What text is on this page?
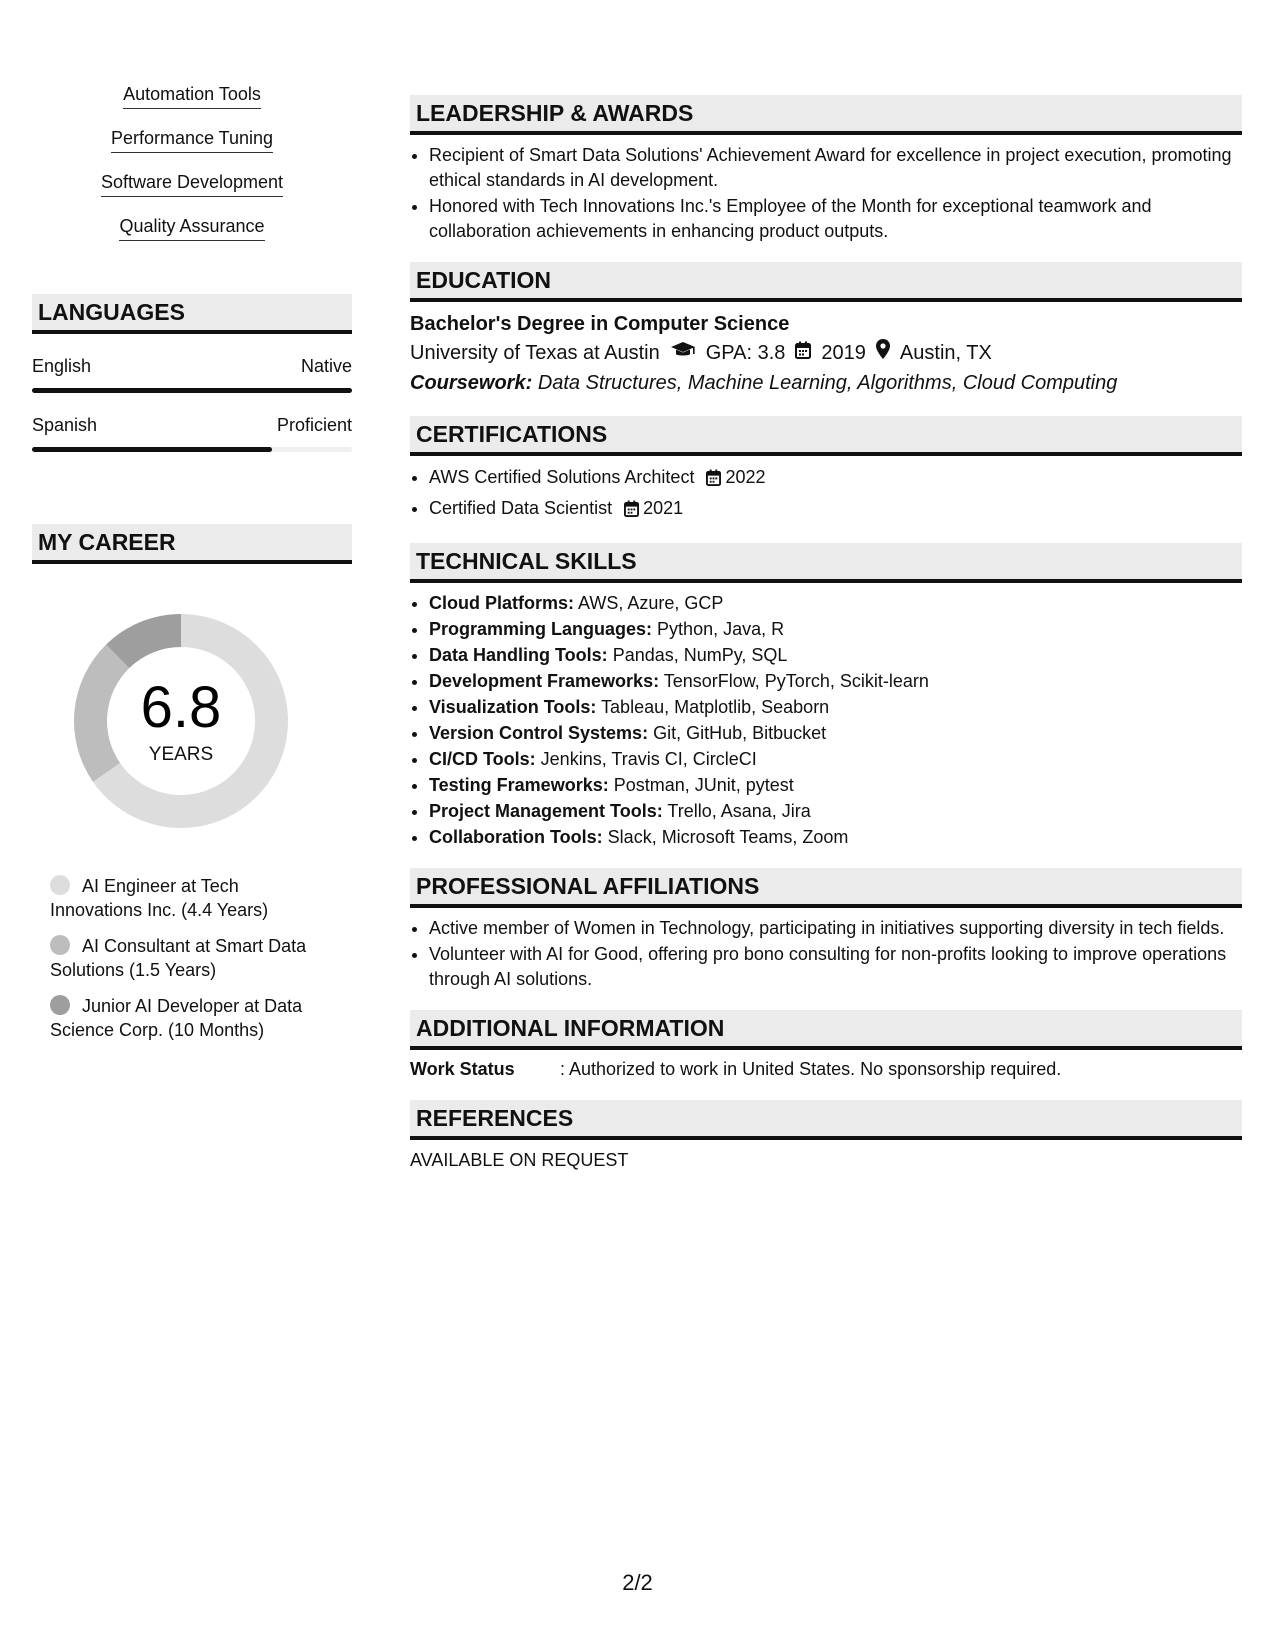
Automation Tools
Performance Tuning
Software Development
Quality Assurance
LANGUAGES
English	Native
Spanish	Proficient
MY CAREER
6.8
YEARS
AI Engineer at Tech Innovations Inc. (4.4 Years)
AI Consultant at Smart Data Solutions (1.5 Years)
Junior AI Developer at Data Science Corp. (10 Months)
LEADERSHIP & AWARDS
• Recipient of Smart Data Solutions' Achievement Award for excellence in project execution, promoting ethical standards in AI development.
• Honored with Tech Innovations Inc.'s Employee of the Month for exceptional teamwork and collaboration achievements in enhancing product outputs.
EDUCATION
Bachelor's Degree in Computer Science
University of Texas at Austin GPA: 3.8 2019 Austin, TX
Coursework: Data Structures, Machine Learning, Algorithms, Cloud Computing
CERTIFICATIONS
• AWS Certified Solutions Architect 2022
• Certified Data Scientist 2021
TECHNICAL SKILLS
• Cloud Platforms: AWS, Azure, GCP
• Programming Languages: Python, Java, R
• Data Handling Tools: Pandas, NumPy, SQL
• Development Frameworks: TensorFlow, PyTorch, Scikit-learn
• Visualization Tools: Tableau, Matplotlib, Seaborn
• Version Control Systems: Git, GitHub, Bitbucket
• CI/CD Tools: Jenkins, Travis CI, CircleCI
• Testing Frameworks: Postman, JUnit, pytest
• Project Management Tools: Trello, Asana, Jira
• Collaboration Tools: Slack, Microsoft Teams, Zoom
PROFESSIONAL AFFILIATIONS
• Active member of Women in Technology, participating in initiatives supporting diversity in tech fields.
• Volunteer with AI for Good, offering pro bono consulting for non-profits looking to improve operations through AI solutions.
ADDITIONAL INFORMATION
Work Status	: Authorized to work in United States. No sponsorship required.
REFERENCES
AVAILABLE ON REQUEST
2/2
